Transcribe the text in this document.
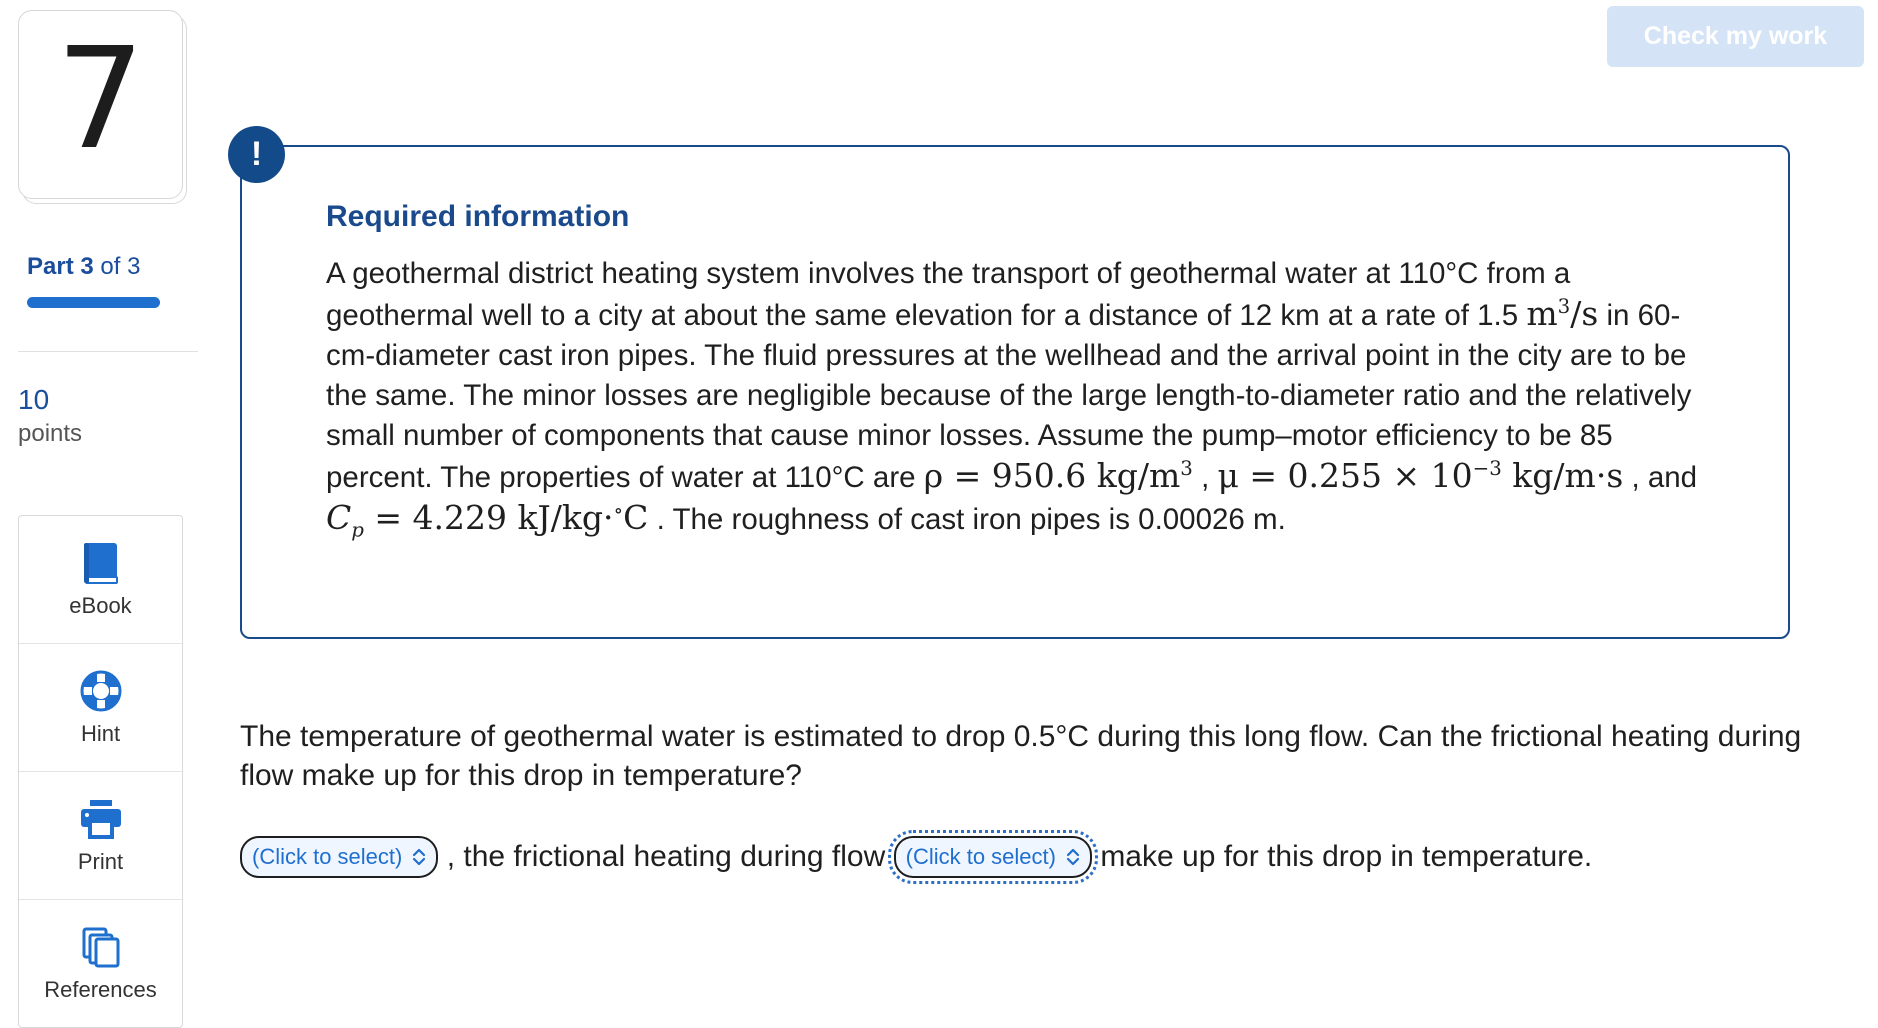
7
Part 3 of 3
10
points
eBook
Hint
Print
References
Check my work
!
Required information
A geothermal district heating system involves the transport of geothermal water at 110°C from a geothermal well to a city at about the same elevation for a distance of 12 km at a rate of 1.5 $m^3/s$ in 60-cm-diameter cast iron pipes. The fluid pressures at the wellhead and the arrival point in the city are to be the same. The minor losses are negligible because of the large length-to-diameter ratio and the relatively small number of components that cause minor losses. Assume the pump–motor efficiency to be 85 percent. The properties of water at 110°C are ρ = 950.6 $kg/m^3$ , $\mu = 0.255 \times 10^{-3}$ kg/m·s , and $C_p = 4.229$ kJ/kg·∘C . The roughness of cast iron pipes is 0.00026 m.
The temperature of geothermal water is estimated to drop 0.5°C during this long flow. Can the frictional heating during flow make up for this drop in temperature?
(Click to select) , the frictional heating during flow (Click to select) make up for this drop in temperature.
